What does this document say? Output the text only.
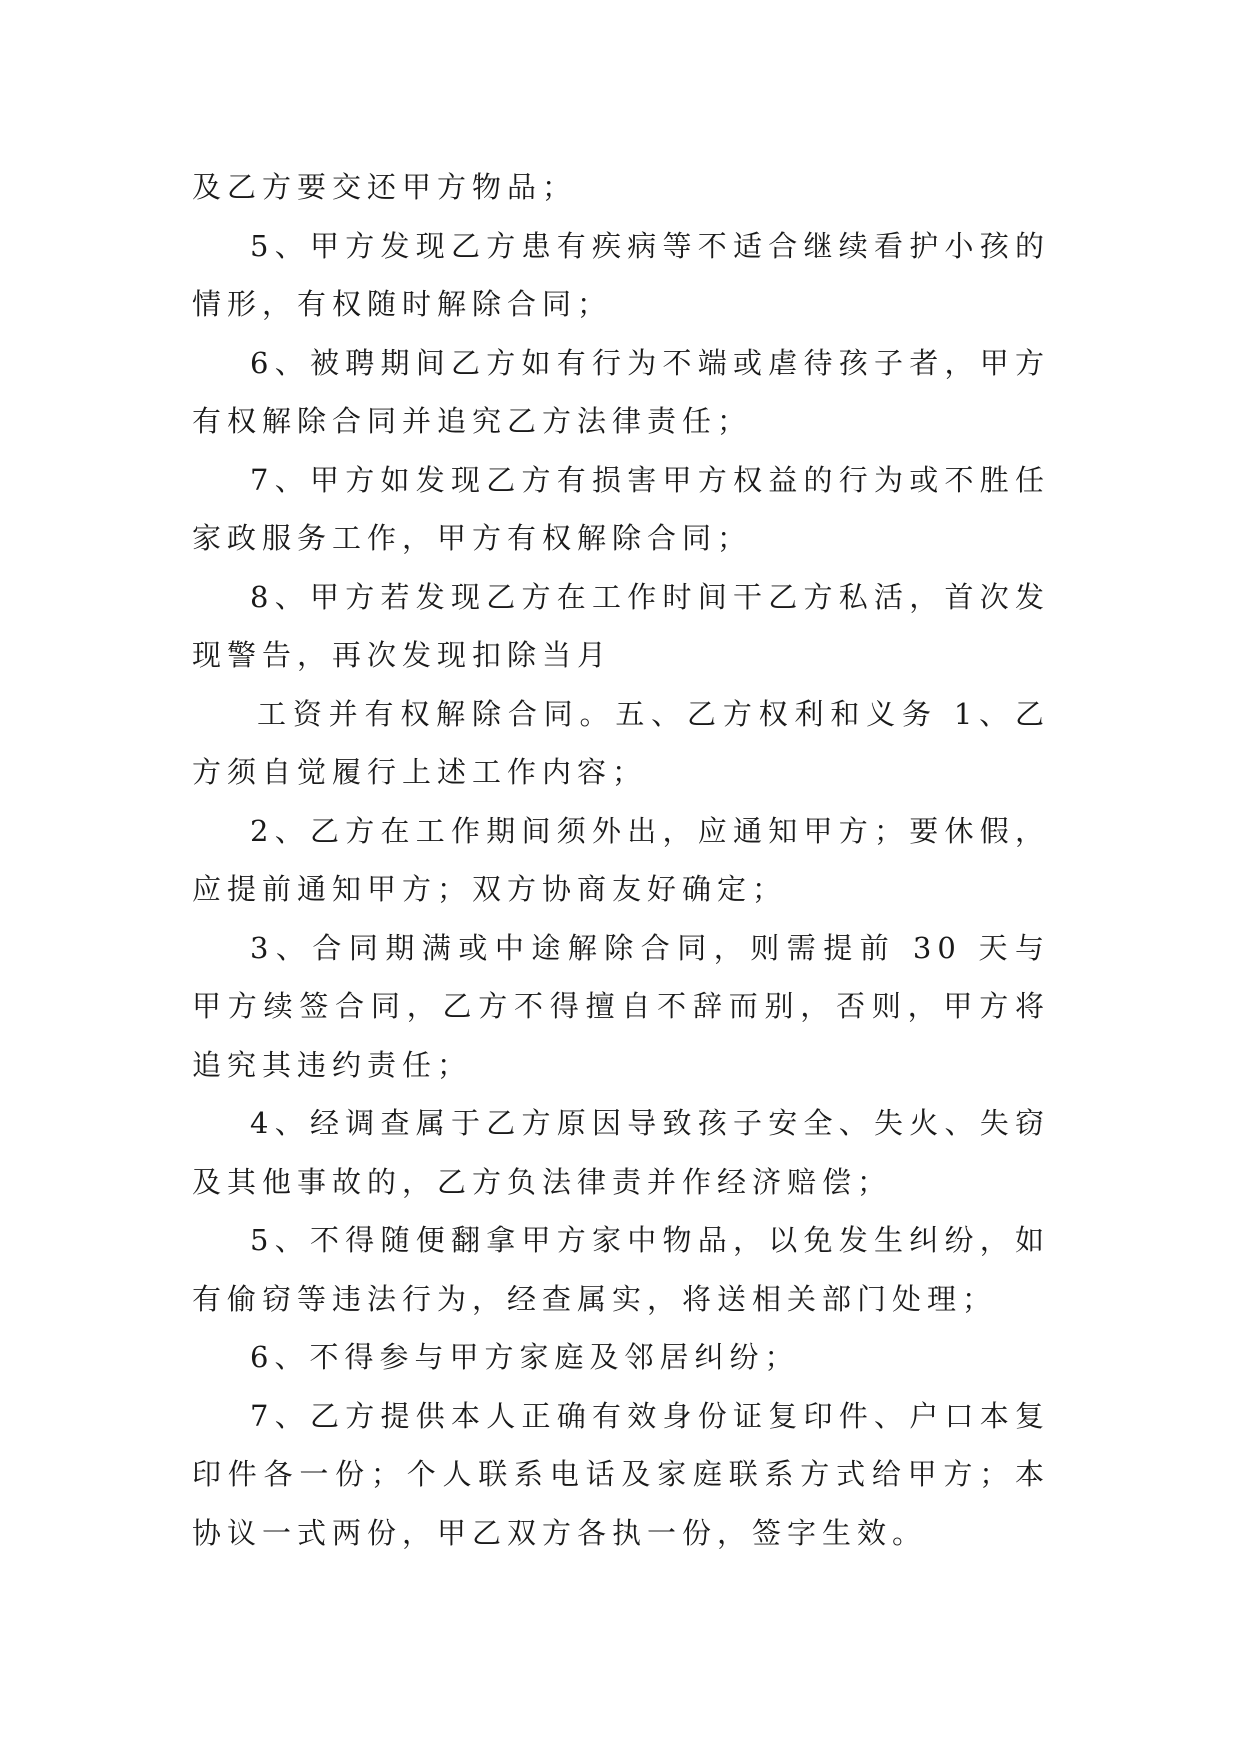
及乙方要交还甲方物品；

5、甲方发现乙方患有疾病等不适合继续看护小孩的情形，有权随时解除合同；

6、被聘期间乙方如有行为不端或虐待孩子者，甲方有权解除合同并追究乙方法律责任；

7、甲方如发现乙方有损害甲方权益的行为或不胜任家政服务工作，甲方有权解除合同；

8、甲方若发现乙方在工作时间干乙方私活，首次发现警告，再次发现扣除当月

工资并有权解除合同。五、乙方权利和义务 1、乙方须自觉履行上述工作内容；

2、乙方在工作期间须外出，应通知甲方；要休假，应提前通知甲方；双方协商友好确定；

3、合同期满或中途解除合同，则需提前 30 天与甲方续签合同，乙方不得擅自不辞而别，否则，甲方将追究其违约责任；

4、经调查属于乙方原因导致孩子安全、失火、失窃及其他事故的，乙方负法律责并作经济赔偿；

5、不得随便翻拿甲方家中物品，以免发生纠纷，如有偷窃等违法行为，经查属实，将送相关部门处理；

6、不得参与甲方家庭及邻居纠纷；

7、乙方提供本人正确有效身份证复印件、户口本复印件各一份；个人联系电话及家庭联系方式给甲方；本协议一式两份，甲乙双方各执一份，签字生效。
